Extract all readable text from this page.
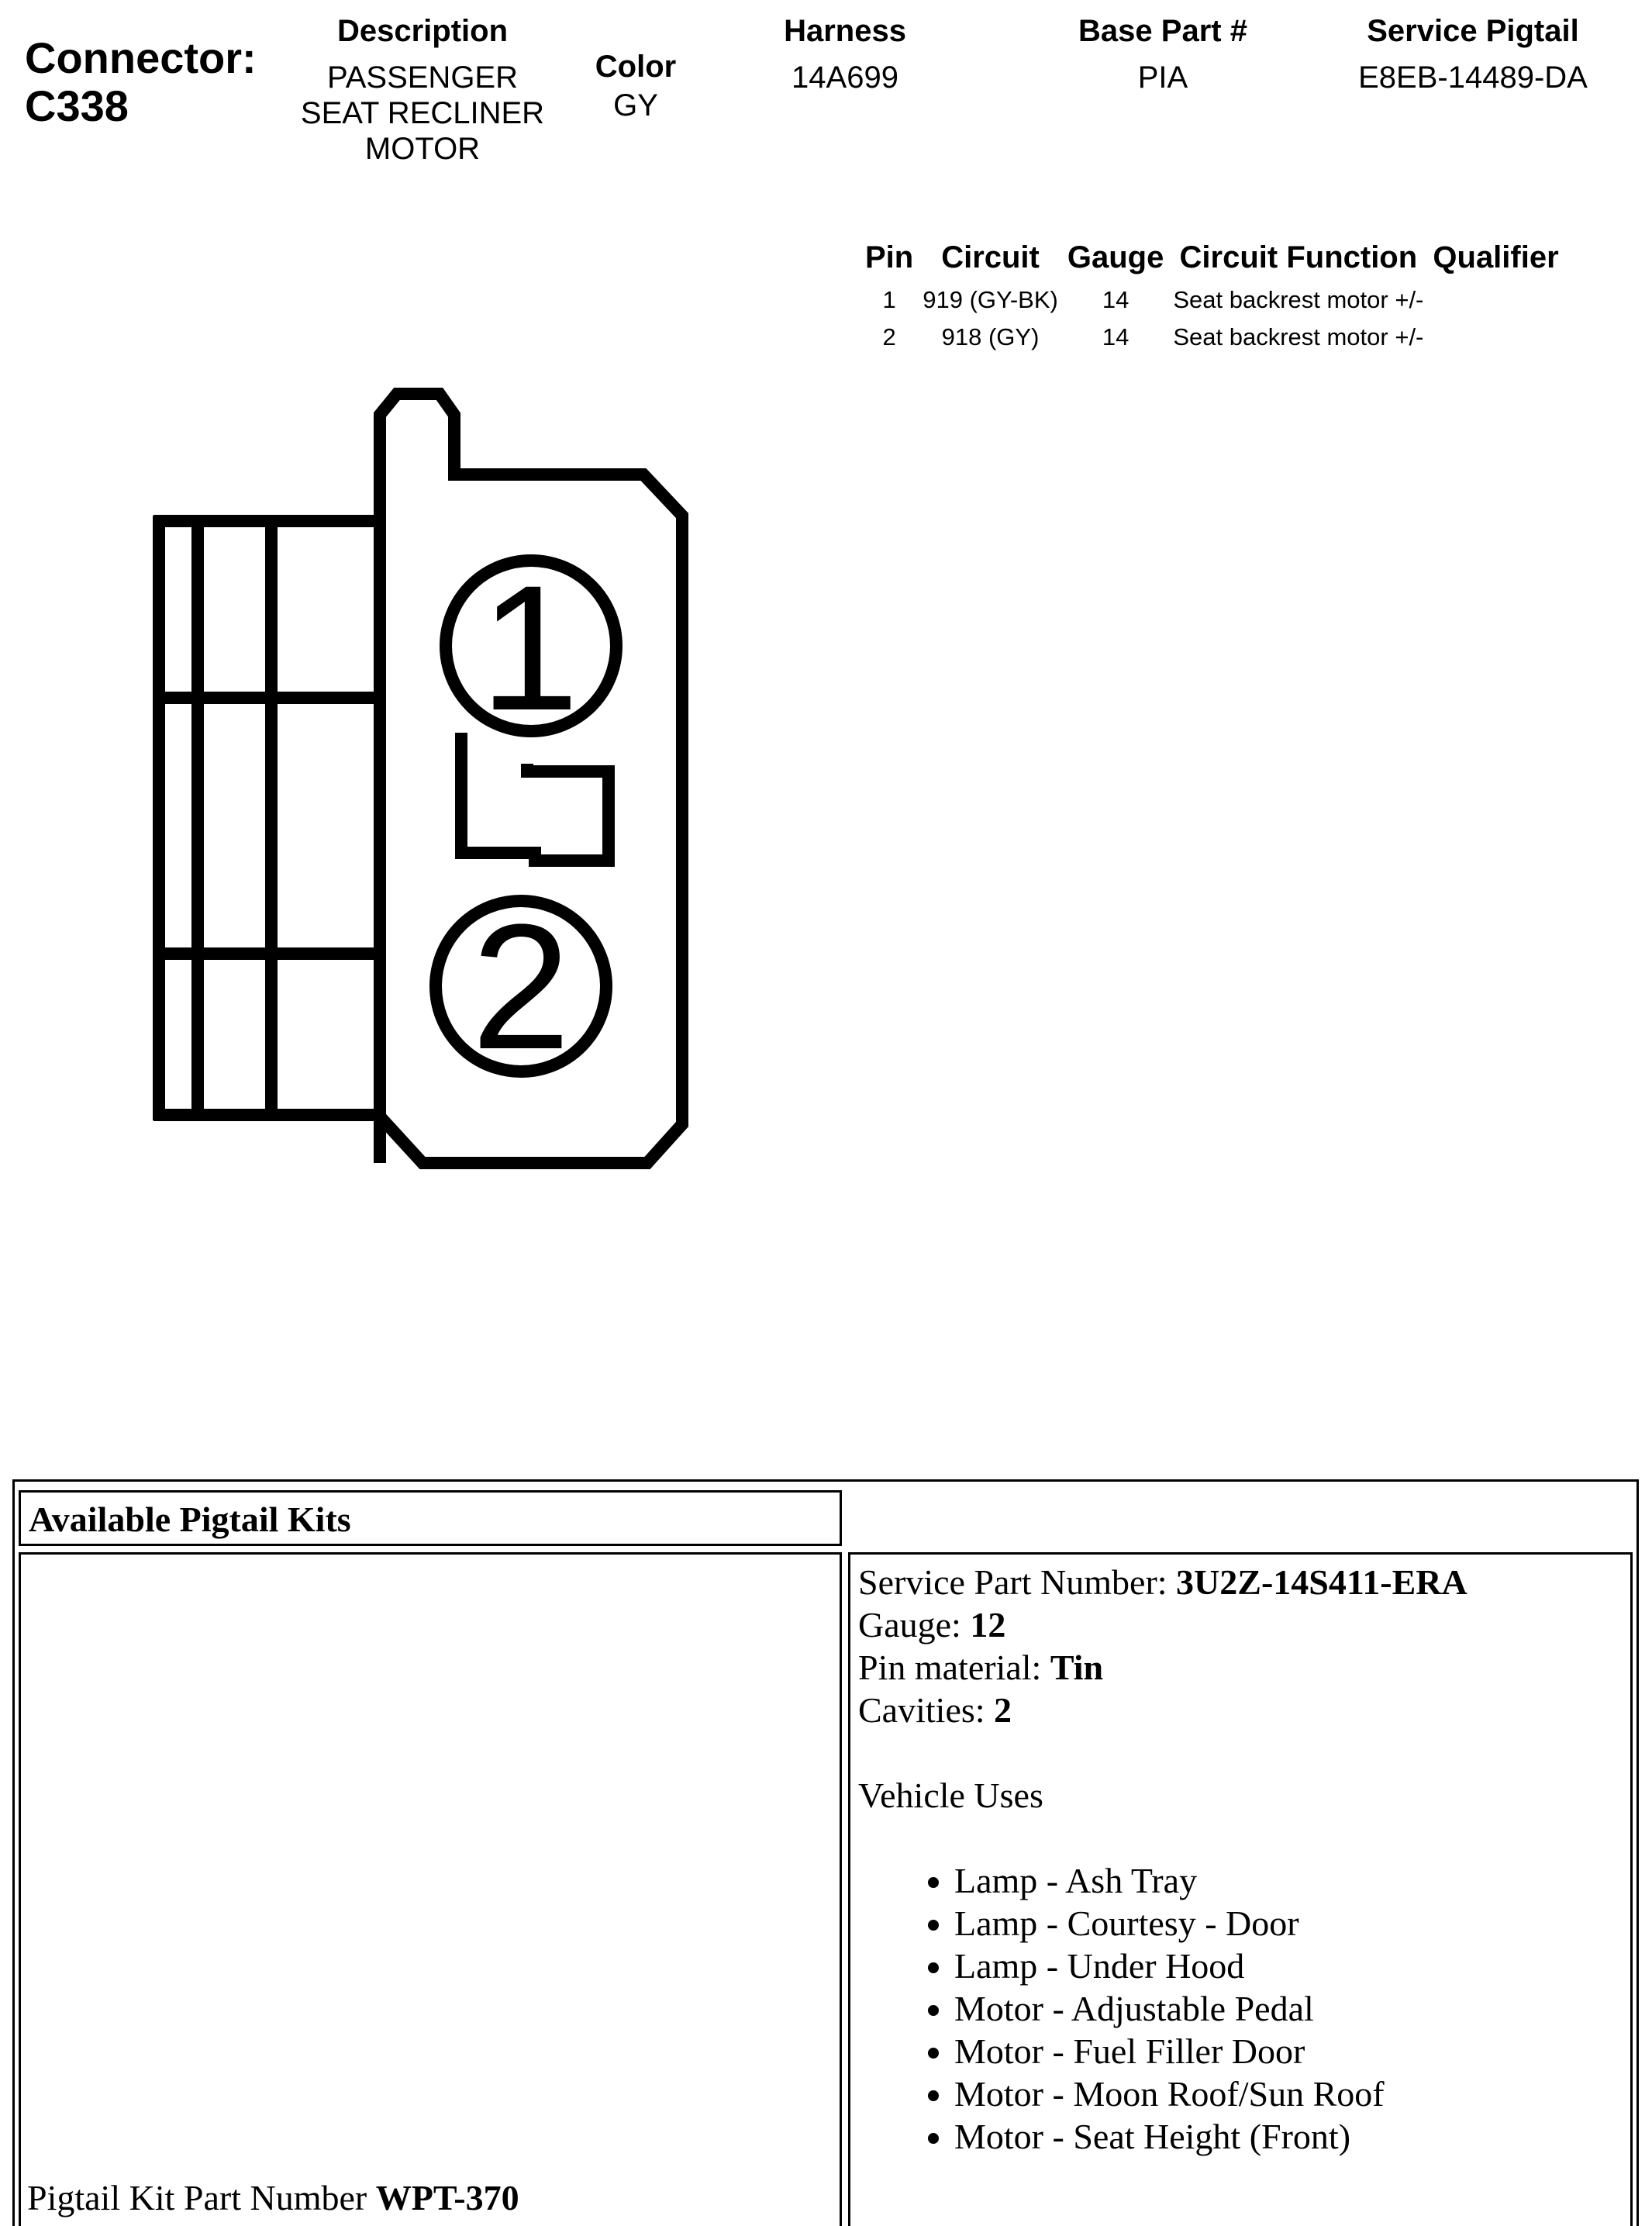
Connector:
C338
Description
PASSENGER
SEAT RECLINER
MOTOR
Color
GY
Harness
14A699
Base Part #
PIA
Service Pigtail
E8EB-14489-DA
Pin	Circuit	Gauge	Circuit Function	Qualifier
1	919 (GY-BK)	14	Seat backrest motor +/-	
2	918 (GY)	14	Seat backrest motor +/-	
1
2
Available Pigtail Kits
Pigtail Kit Part Number WPT-370
Service Part Number: 3U2Z-14S411-ERA
Gauge: 12
Pin material: Tin
Cavities: 2
Vehicle Uses
• Lamp - Ash Tray
• Lamp - Courtesy - Door
• Lamp - Under Hood
• Motor - Adjustable Pedal
• Motor - Fuel Filler Door
• Motor - Moon Roof/Sun Roof
• Motor - Seat Height (Front)
